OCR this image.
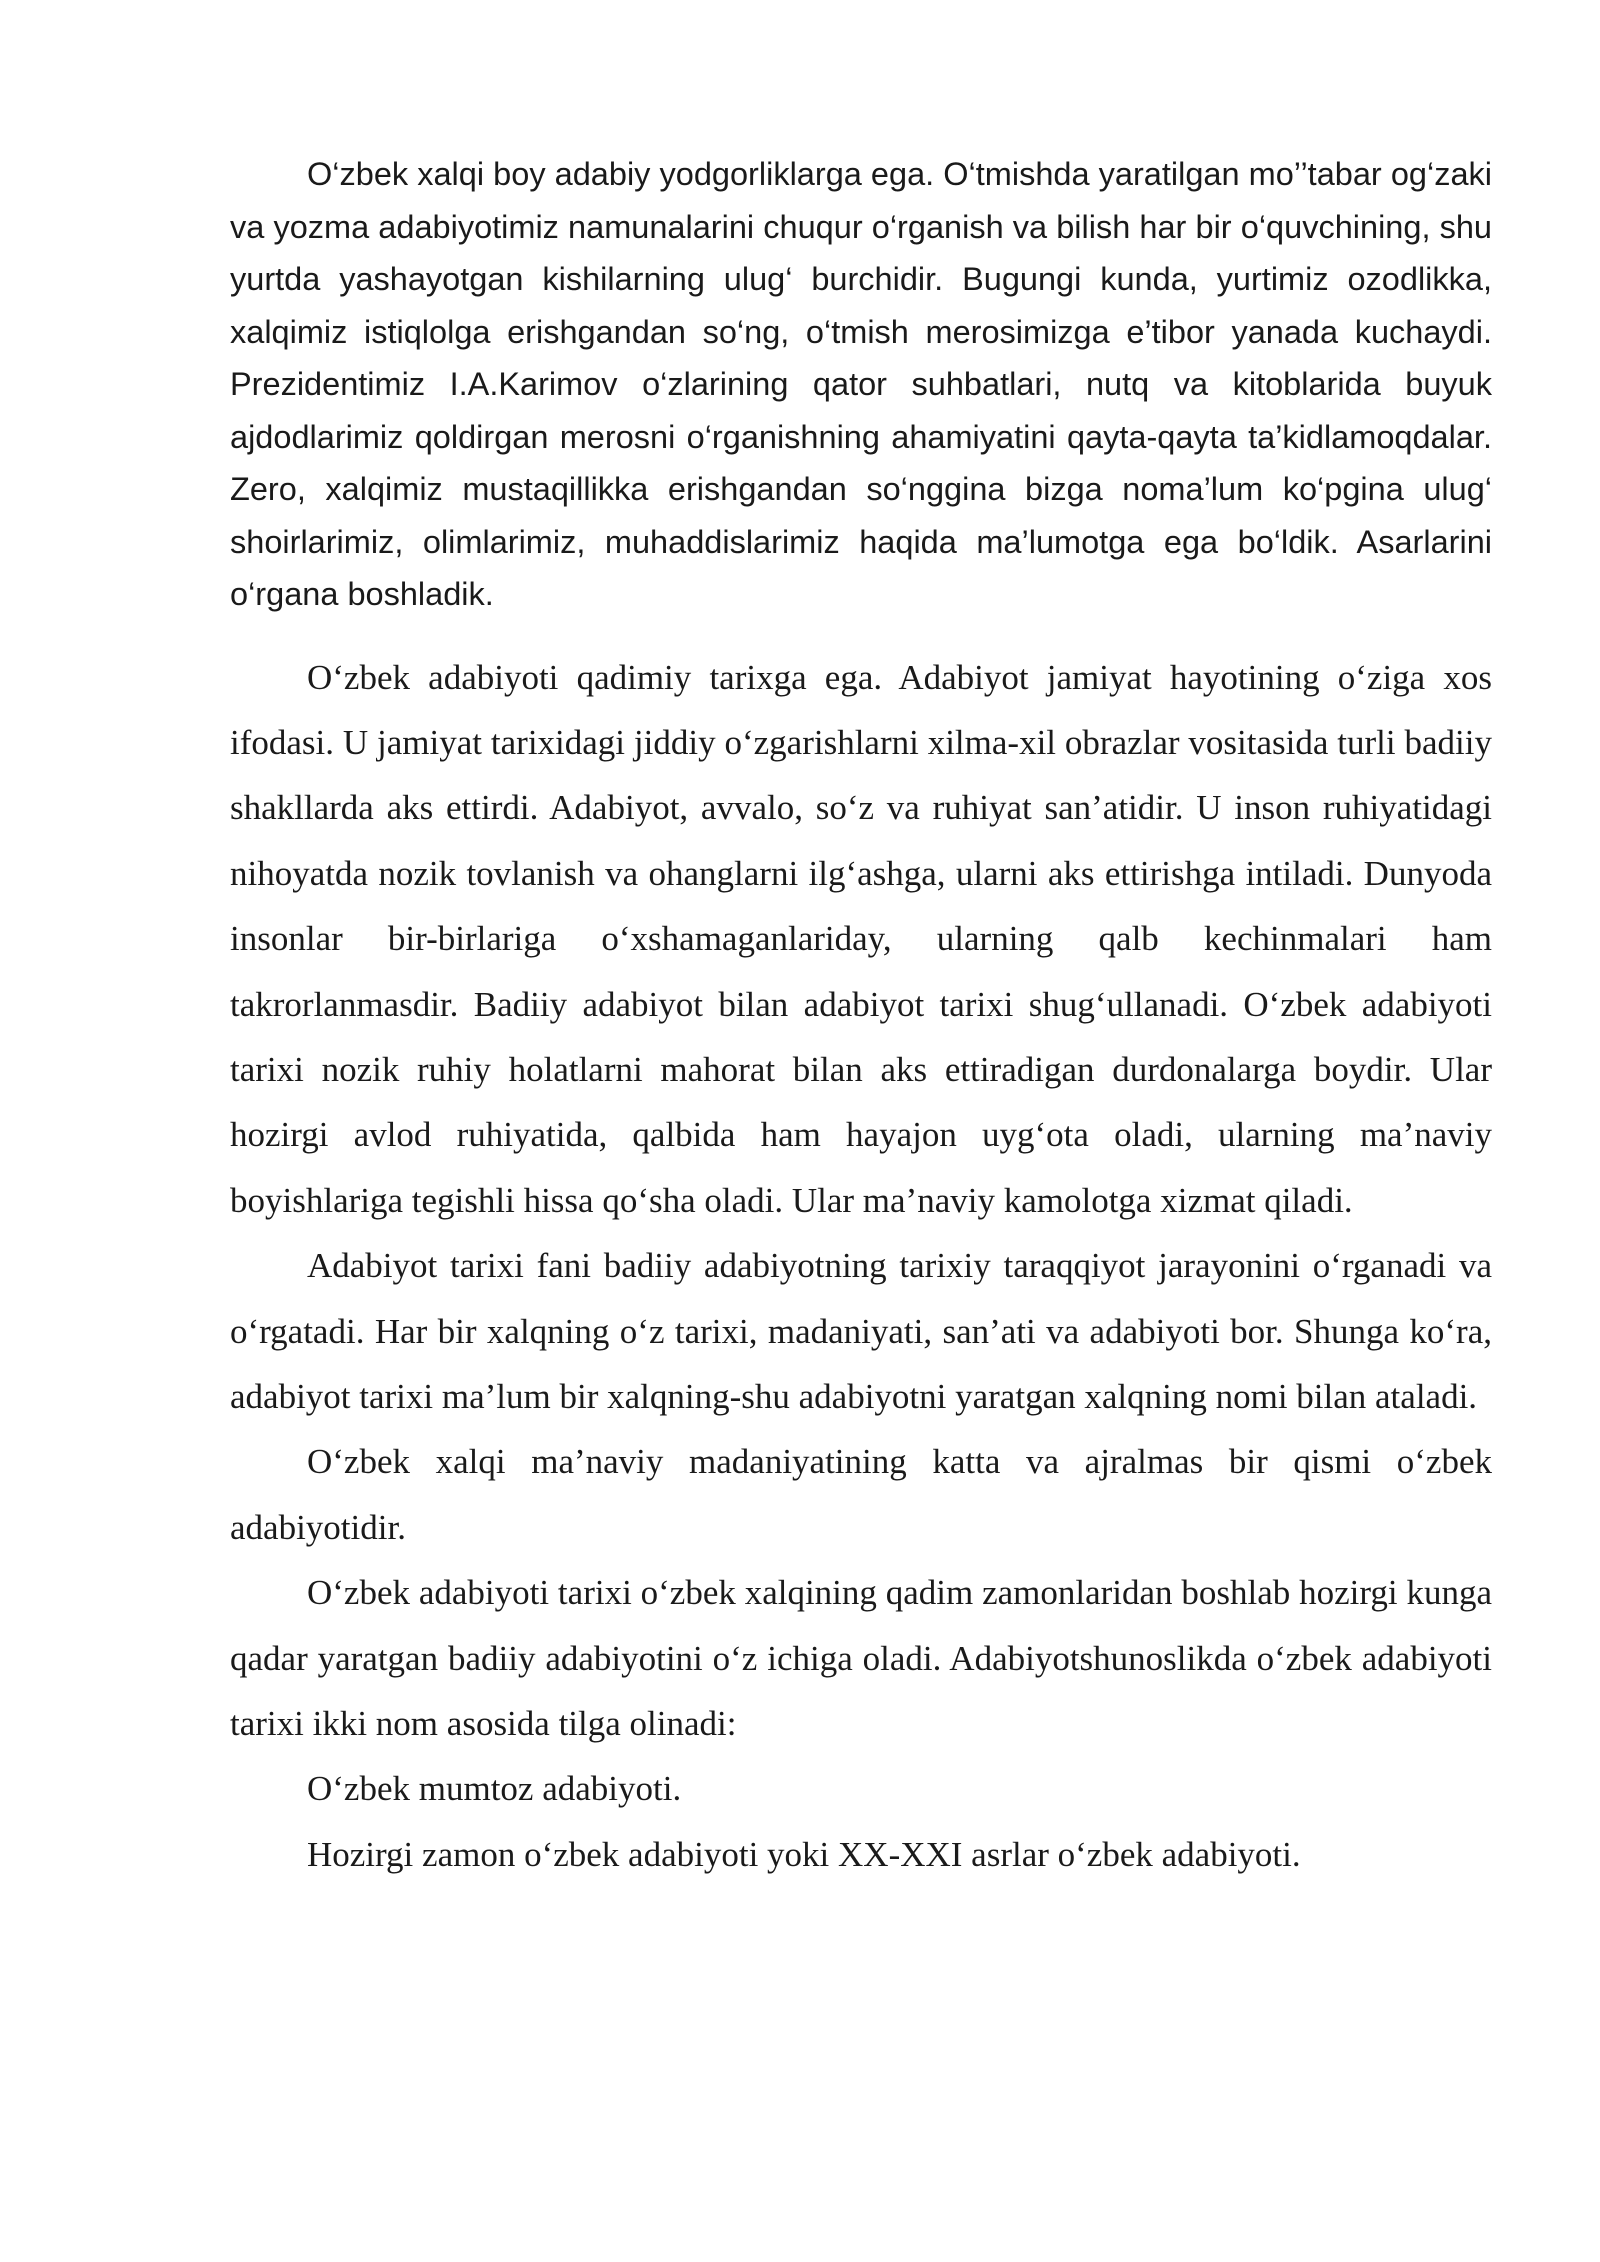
O‘zbek xalqi boy adabiy yodgorliklarga ega. O‘tmishda yaratilgan mo’’tabar og‘zaki va yozma adabiyotimiz namunalarini chuqur o‘rganish va bilish har bir o‘quvchining, shu yurtda yashayotgan kishilarning ulug‘ burchidir. Bugungi kunda, yurtimiz ozodlikka, xalqimiz istiqlolga erishgandan so‘ng, o‘tmish merosimizga e’tibor yanada kuchaydi. Prezidentimiz I.A.Karimov o‘zlarining qator suhbatlari, nutq va kitoblarida buyuk ajdodlarimiz qoldirgan merosni o‘rganishning ahamiyatini qayta-qayta ta’kidlamoqdalar. Zero, xalqimiz mustaqillikka erishgandan so‘nggina bizga noma’lum ko‘pgina ulug‘ shoirlarimiz, olimlarimiz, muhaddislarimiz haqida ma’lumotga ega bo‘ldik. Asarlarini o‘rgana boshladik.

O‘zbek adabiyoti qadimiy tarixga ega. Adabiyot jamiyat hayotining o‘ziga xos ifodasi. U jamiyat tarixidagi jiddiy o‘zgarishlarni xilma-xil obrazlar vositasida turli badiiy shakllarda aks ettirdi. Adabiyot, avvalo, so‘z va ruhiyat san’atidir. U inson ruhiyatidagi nihoyatda nozik tovlanish va ohanglarni ilg‘ashga, ularni aks ettirishga intiladi. Dunyoda insonlar bir-birlariga o‘xshamaganlariday, ularning qalb kechinmalari ham takrorlanmasdir. Badiiy adabiyot bilan adabiyot tarixi shug‘ullanadi. O‘zbek adabiyoti tarixi nozik ruhiy holatlarni mahorat bilan aks ettiradigan durdonalarga boydir. Ular hozirgi avlod ruhiyatida, qalbida ham hayajon uyg‘ota oladi, ularning ma’naviy boyishlariga tegishli hissa qo‘sha oladi. Ular ma’naviy kamolotga xizmat qiladi.

Adabiyot tarixi fani badiiy adabiyotning tarixiy taraqqiyot jarayonini o‘rganadi va o‘rgatadi. Har bir xalqning o‘z tarixi, madaniyati, san’ati va adabiyoti bor. Shunga ko‘ra, adabiyot tarixi ma’lum bir xalqning-shu adabiyotni yaratgan xalqning nomi bilan ataladi.

O‘zbek xalqi ma’naviy madaniyatining katta va ajralmas bir qismi o‘zbek adabiyotidir.

O‘zbek adabiyoti tarixi o‘zbek xalqining qadim zamonlaridan boshlab hozirgi kunga qadar yaratgan badiiy adabiyotini o‘z ichiga oladi. Adabiyotshunoslikda o‘zbek adabiyoti tarixi ikki nom asosida tilga olinadi:

O‘zbek mumtoz adabiyoti.

Hozirgi zamon o‘zbek adabiyoti yoki XX-XXI asrlar o‘zbek adabiyoti.
